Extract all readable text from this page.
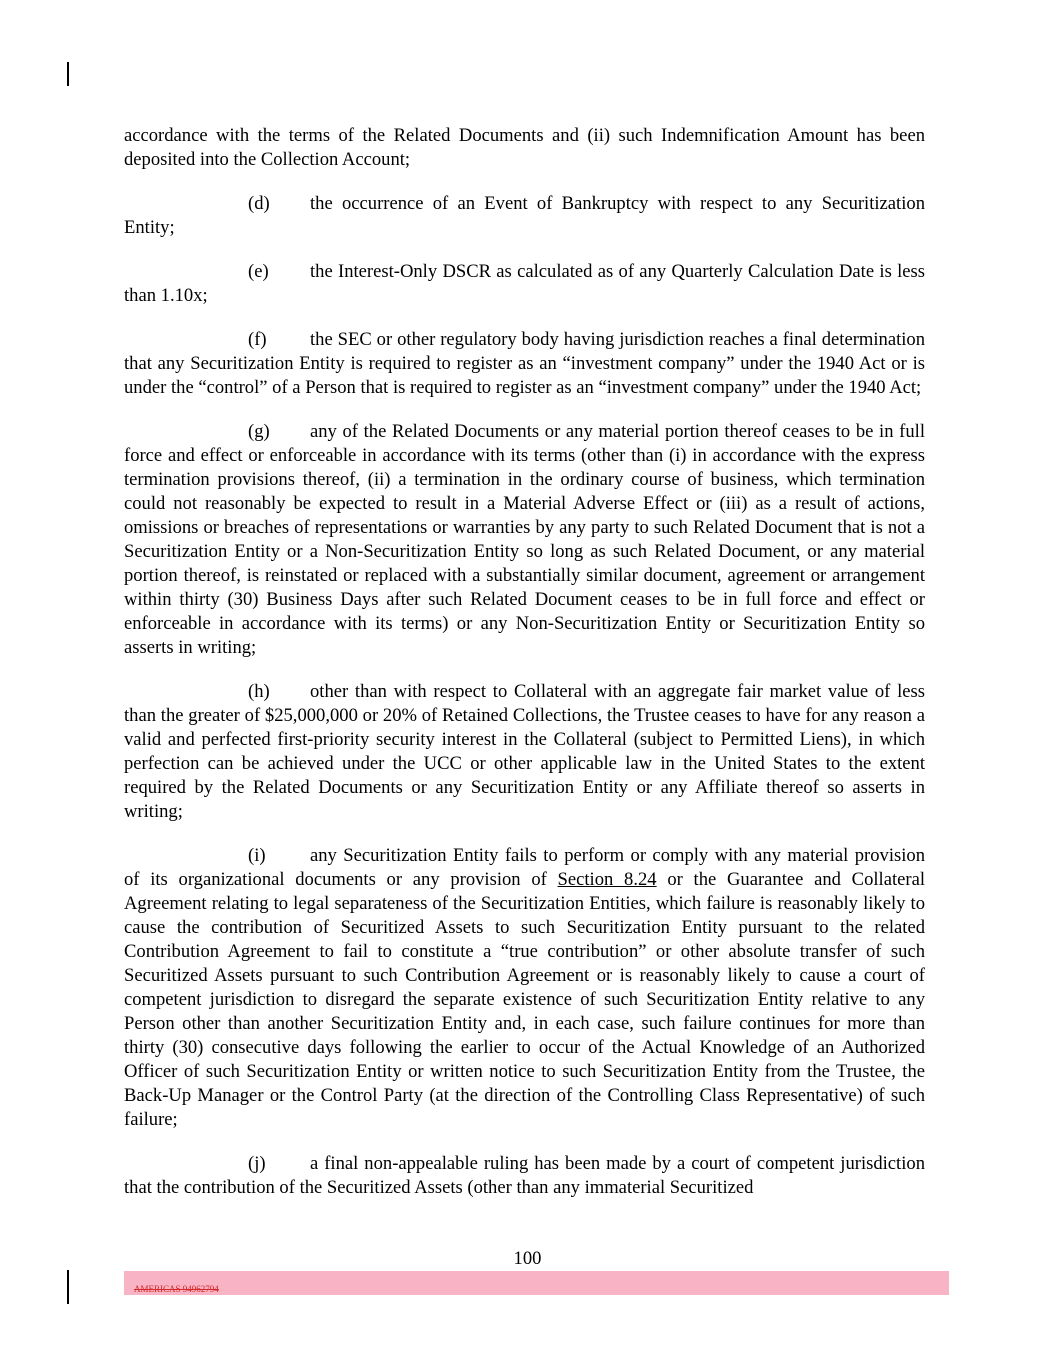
accordance with the terms of the Related Documents and (ii) such Indemnification Amount has been deposited into the Collection Account;

(d) the occurrence of an Event of Bankruptcy with respect to any Securitization Entity;

(e) the Interest-Only DSCR as calculated as of any Quarterly Calculation Date is less than 1.10x;

(f) the SEC or other regulatory body having jurisdiction reaches a final determination that any Securitization Entity is required to register as an “investment company” under the 1940 Act or is under the “control” of a Person that is required to register as an “investment company” under the 1940 Act;

(g) any of the Related Documents or any material portion thereof ceases to be in full force and effect or enforceable in accordance with its terms (other than (i) in accordance with the express termination provisions thereof, (ii) a termination in the ordinary course of business, which termination could not reasonably be expected to result in a Material Adverse Effect or (iii) as a result of actions, omissions or breaches of representations or warranties by any party to such Related Document that is not a Securitization Entity or a Non-Securitization Entity so long as such Related Document, or any material portion thereof, is reinstated or replaced with a substantially similar document, agreement or arrangement within thirty (30) Business Days after such Related Document ceases to be in full force and effect or enforceable in accordance with its terms) or any Non-Securitization Entity or Securitization Entity so asserts in writing;

(h) other than with respect to Collateral with an aggregate fair market value of less than the greater of $25,000,000 or 20% of Retained Collections, the Trustee ceases to have for any reason a valid and perfected first-priority security interest in the Collateral (subject to Permitted Liens), in which perfection can be achieved under the UCC or other applicable law in the United States to the extent required by the Related Documents or any Securitization Entity or any Affiliate thereof so asserts in writing;

(i) any Securitization Entity fails to perform or comply with any material provision of its organizational documents or any provision of Section 8.24 or the Guarantee and Collateral Agreement relating to legal separateness of the Securitization Entities, which failure is reasonably likely to cause the contribution of Securitized Assets to such Securitization Entity pursuant to the related Contribution Agreement to fail to constitute a “true contribution” or other absolute transfer of such Securitized Assets pursuant to such Contribution Agreement or is reasonably likely to cause a court of competent jurisdiction to disregard the separate existence of such Securitization Entity relative to any Person other than another Securitization Entity and, in each case, such failure continues for more than thirty (30) consecutive days following the earlier to occur of the Actual Knowledge of an Authorized Officer of such Securitization Entity or written notice to such Securitization Entity from the Trustee, the Back-Up Manager or the Control Party (at the direction of the Controlling Class Representative) of such failure;

(j) a final non-appealable ruling has been made by a court of competent jurisdiction that the contribution of the Securitized Assets (other than any immaterial Securitized

100
AMERICAS 94962794
